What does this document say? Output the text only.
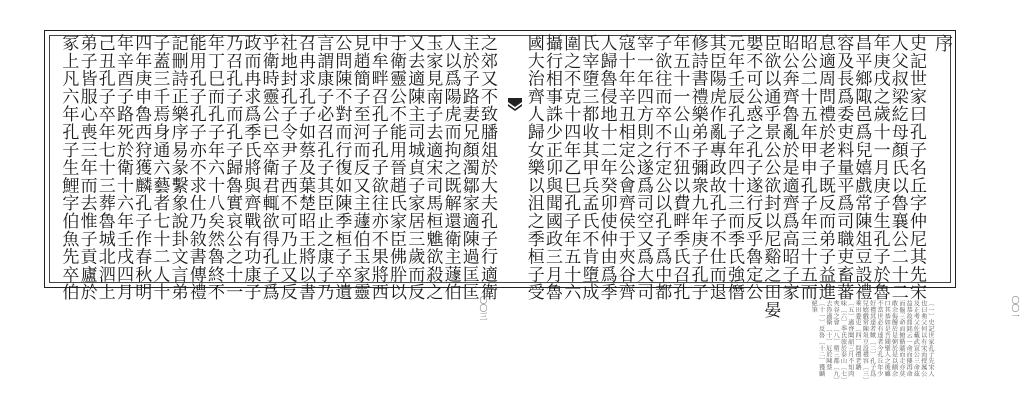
〇〇三	〇〇一
序
史記世家曰孔子名丘字仲尼其先宋
人父叔梁紇母顏氏以魯襄公二十二
年庚戌之歲十一月庚子生孔子於魯
昌平鄉陬邑爲兒嬉戲常陳俎豆設禮
容及長爲委吏料量平爲司職吏畜蕃
息適周問禮於老子既反而弟子益進
昭公二十五年甲申孔子年三十五而
昭公奔齊魯亂於是適齊爲高昭子家
臣欲以通乎景公公欲封以尼谿之田晏
嬰不可公惑之孔子遂行反乎魯定公
元年壬辰孔子年四十三而季氏強僭
其臣陽虎作亂專政故孔子不仕而退
修詩書禮樂弟子彌衆九年庚子孔子
年五十一公山不狃以費畔季氏召孔
子欲往而卒不行定公以孔子爲中都
宰一年四方則之遂爲司空又爲大司
寇十年辛丑相定公會齊侯于夾谷齊
人歸魯侵地十二年癸卯使仲由爲季
氏宰墮三都收其甲兵孟氏不肯墮成
圍之不克十四年乙巳孔子年五十六
攝行相事誅少正卯與聞國政三月魯
國大治齊人歸女樂以沮之季桓子受
之郊又不致膰俎於大夫孔子行適衛
主於子路妻兄顏濁鄒家適陳過匡匡
人以爲陽虎而拘之既解還衛主蘧伯
玉家見南子去適宋司馬桓魋欲殺之
又去適陳主司城貞子家居三歲而反
于衛靈公不能用晉趙氏家臣佛肸以
中牟畔召孔子孔子欲往亦不果將西
見趙簡子至河而反又主蘧伯玉家靈
公問陳不對而行復如陳季桓子卒遺
言謂康子必召孔子其臣止之康子乃
召冉求孔子如蔡及葉楚昭王將以書
社地封孔子令尹子西不可乃止又反
乎衛時靈公已卒衛君輒欲得孔子爲
政而冉求爲季氏將與齊戰有功康子
乃召孔子而孔子歸魯實哀公之十一
年丁巳而孔子年六十八矣然魯終不
能用孔子孔子亦不求仕乃敘書傳禮
記刪詩正樂序易彖繫象說卦文言弟
子蓋三千焉身通六藝者七十二人十
四年庚申魯西狩獲麟孔子作春秋明
年辛酉子路死於衛十六年壬戌四月
己丑孔子卒年七十三葬魯城北泗上
弟子皆服心喪三年而去惟子貢廬於
冢上凡六年孔子生鯉字伯魚先卒伯
〔一〕史記世家孔子先宋人也曰弗父何以有宋而授厲公及正考父佐戴武宣公三命茲益恭故鼎銘云一命而僂再命而傴三命而俯循牆而走亦莫敢余侮饘於是粥於是以餬余口其恭如是吾聞聖人之後雖不當世必有達者今孔丘年少好禮其達者歟〔二〕孔子爲兒嬉戲常陳俎豆設禮容〔三〕乘田委吏〔四〕問禮老聃〔五〕適齊聞韶三月不知肉味〔六〕季氏旅於泰山〔七〕夾谷之會〔八〕墮三都〔九〕去魯適衛〔十〕厄於陳蔡〔十一〕反魯〔十二〕獲麟絕筆
